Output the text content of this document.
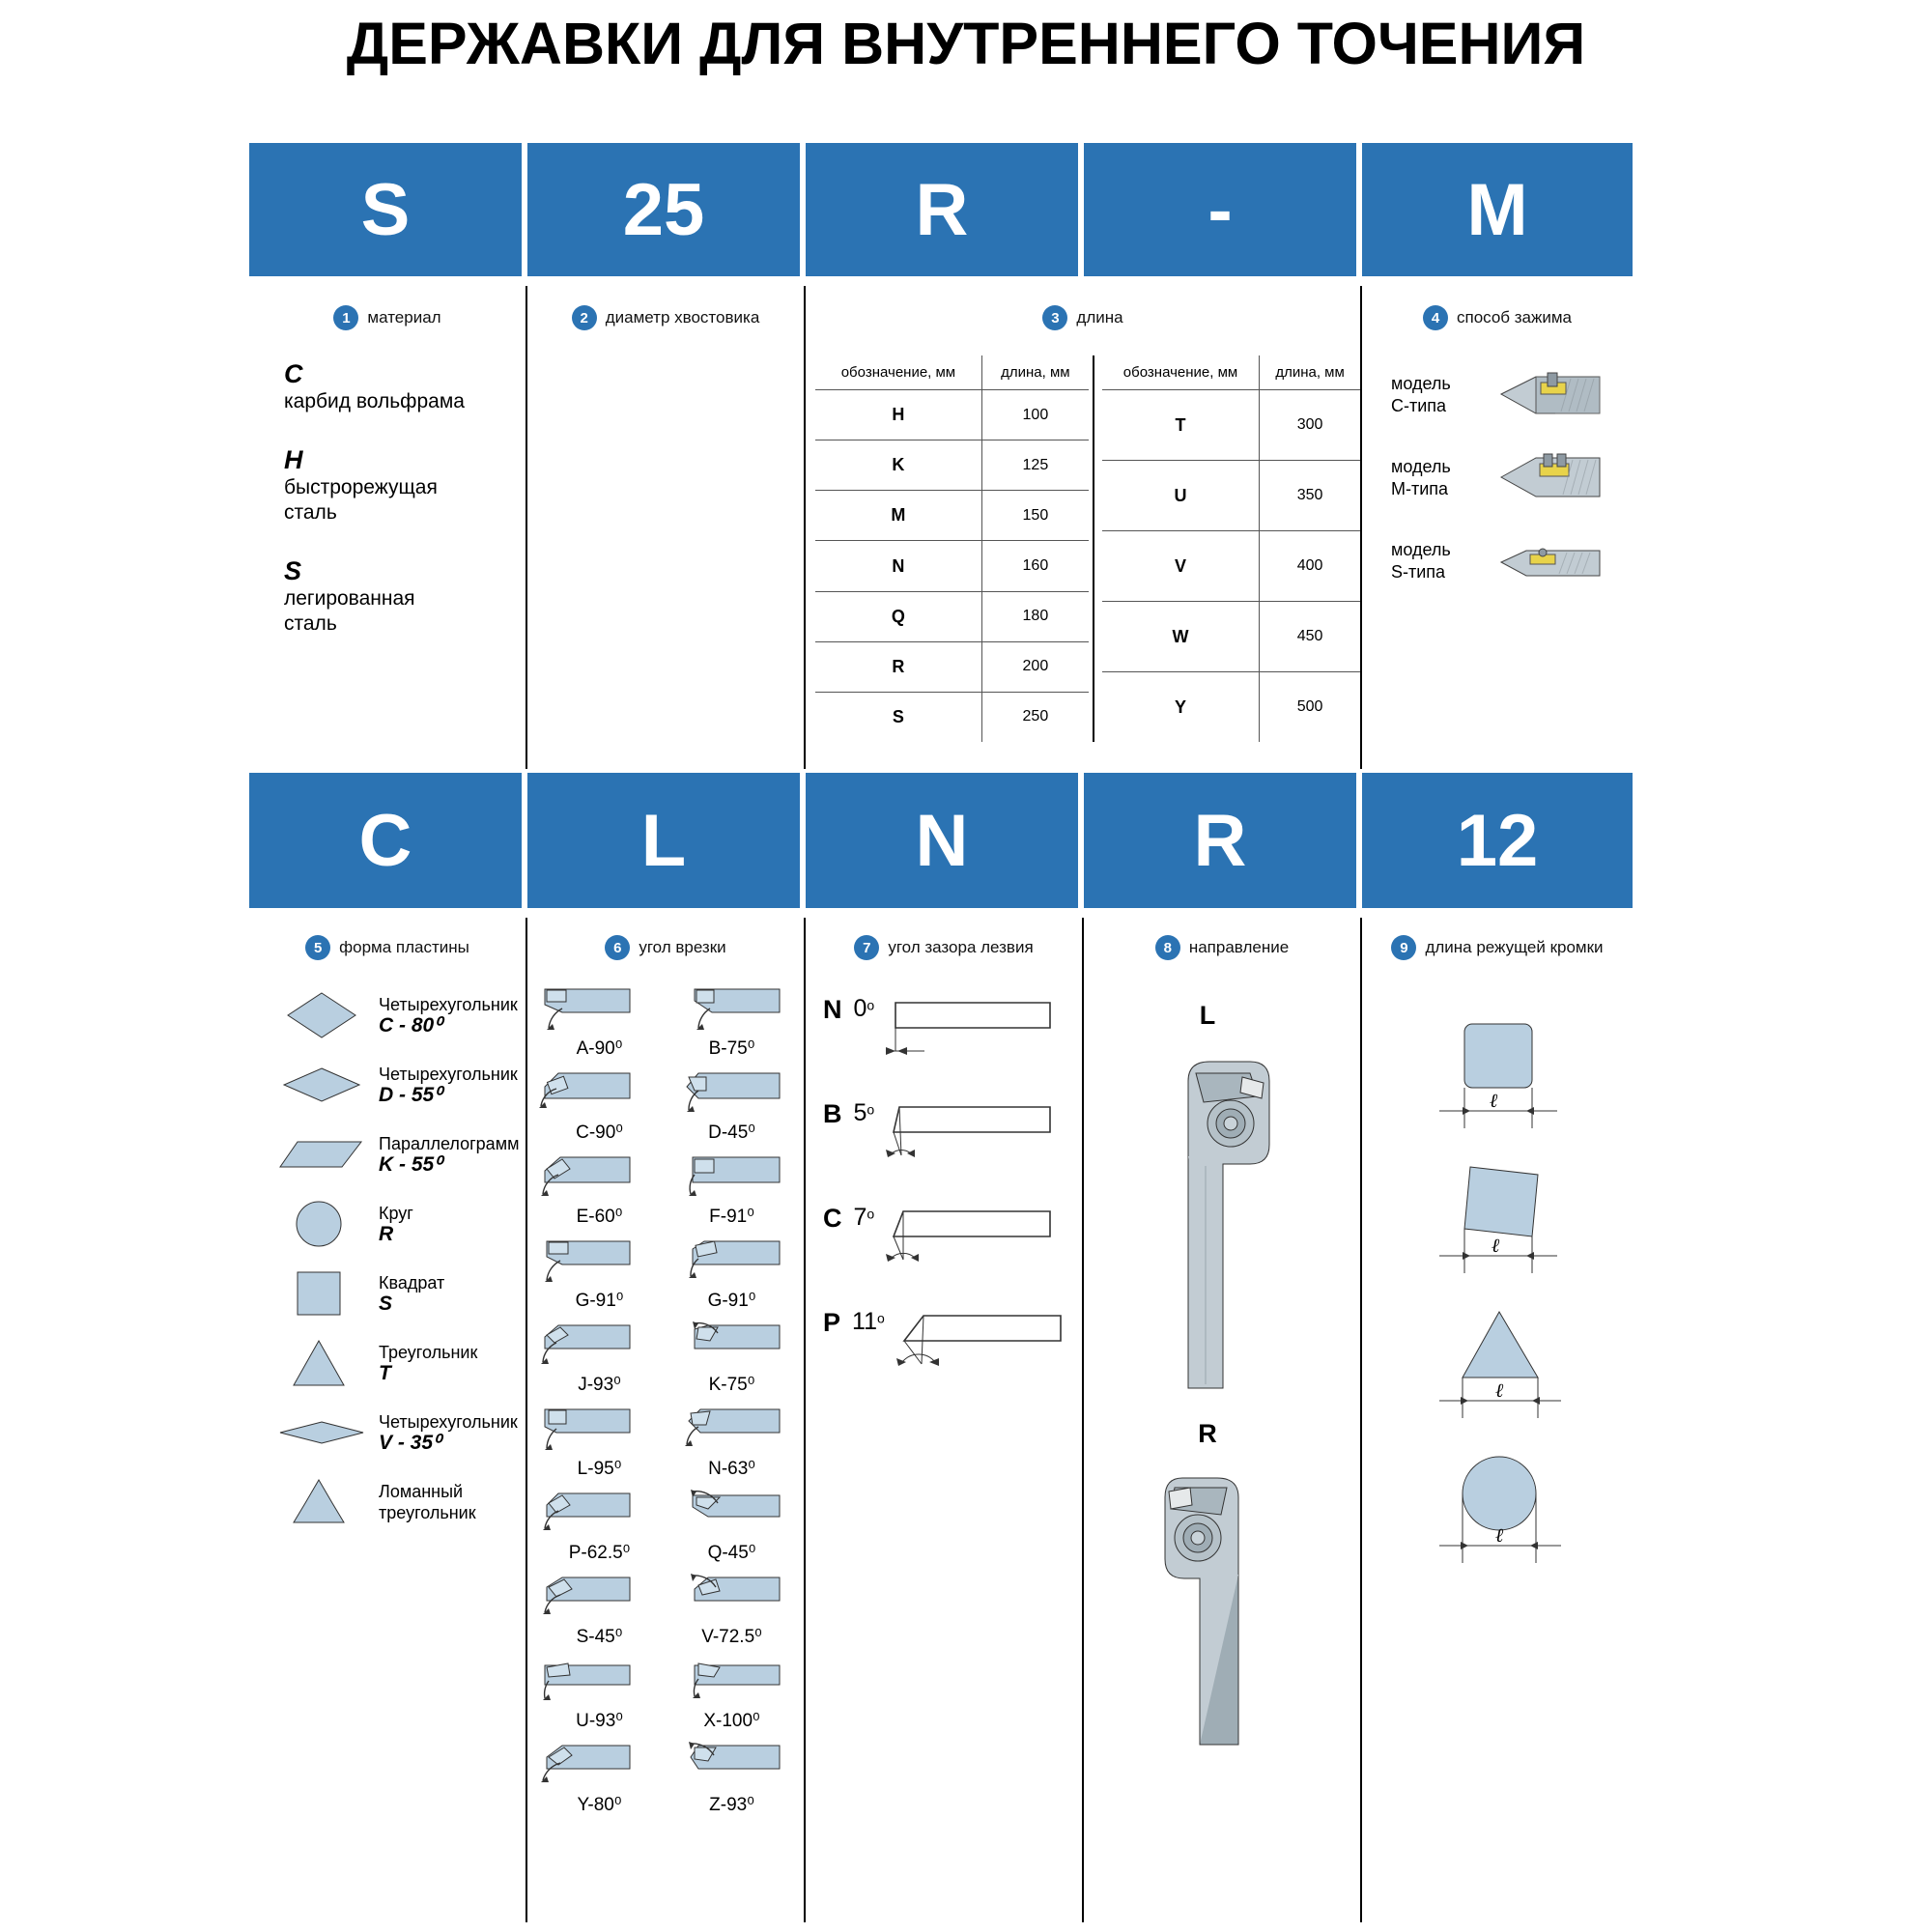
ДЕРЖАВКИ ДЛЯ ВНУТРЕННЕГО ТОЧЕНИЯ
S	25	R	-	M
1	материал
C
карбид вольфрама
H
быстрорежущая
сталь
S
легированная
сталь
2	диаметр хвостовика	3	длина
обозначение, мм	длина, мм
H	100
K	125
M	150
N	160
Q	180
R	200
S	250
обозначение, мм	длина, мм
T	300
U	350
V	400
W	450
Y	500
4	способ зажима
модель
C-типа
модель
M-типа
модель
S-типа
C	L	N	R	12
5	форма пластины
Четырехугольник
C - 80⁰
Четырехугольник
D - 55⁰
Параллелограмм
K - 55⁰
Круг
R
Квадрат
S
Треугольник
T
Четырехугольник
V - 35⁰
Ломанный
треугольник
6	угол врезки
A-90⁰	B-75⁰
C-90⁰	D-45⁰
E-60⁰	F-91⁰
G-91⁰	G-91⁰
J-93⁰	K-75⁰
L-95⁰	N-63⁰
P-62.5⁰	Q-45⁰
S-45⁰	V-72.5⁰
U-93⁰	X-100⁰
Y-80⁰	Z-93⁰
7	угол зазора лезвия
N 0o
B 5o
C 7o
P 11o
8	направление
L
R
9	длина режущей кромки
ℓ
ℓ
ℓ
ℓ
